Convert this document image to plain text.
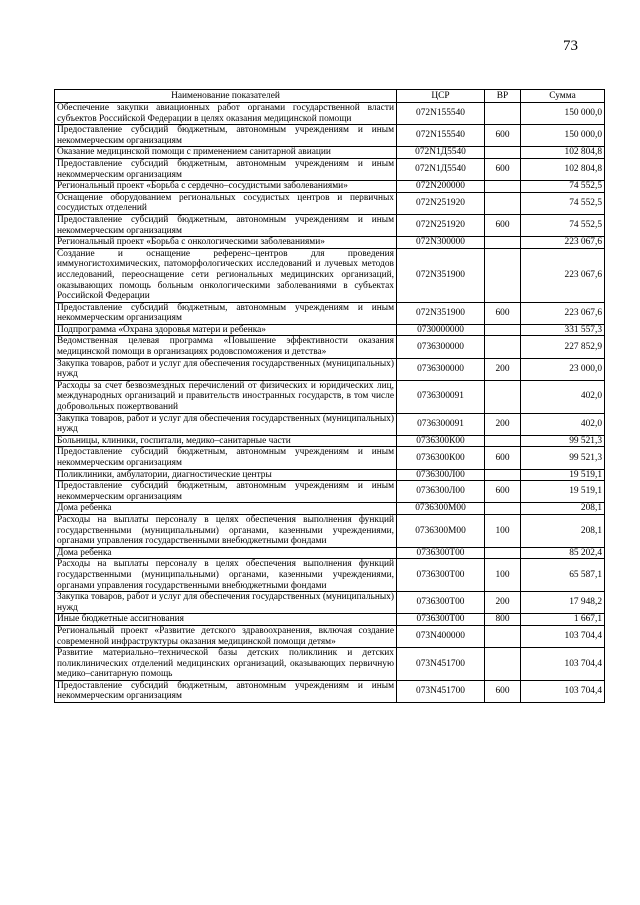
73
Наименование показателей	ЦСР	ВР	Сумма
Обеспечение закупки авиационных работ органами государственной власти субъектов Российской Федерации в целях оказания медицинской помощи	072N155540		150 000,0
Предоставление субсидий бюджетным, автономным учреждениям и иным некоммерческим организациям	072N155540	600	150 000,0
Оказание медицинской помощи с применением санитарной авиации	072N1Д5540		102 804,8
Предоставление субсидий бюджетным, автономным учреждениям и иным некоммерческим организациям	072N1Д5540	600	102 804,8
Региональный проект «Борьба с сердечно–сосудистыми заболеваниями»	072N200000		74 552,5
Оснащение оборудованием региональных сосудистых центров и первичных сосудистых отделений	072N251920		74 552,5
Предоставление субсидий бюджетным, автономным учреждениям и иным некоммерческим организациям	072N251920	600	74 552,5
Региональный проект «Борьба с онкологическими заболеваниями»	072N300000		223 067,6
Создание и оснащение референс–центров для проведения иммуногистохимических, патоморфологических исследований и лучевых методов исследований, переоснащение сети региональных медицинских организаций, оказывающих помощь больным онкологическими заболеваниями в субъектах Российской Федерации	072N351900		223 067,6
Предоставление субсидий бюджетным, автономным учреждениям и иным некоммерческим организациям	072N351900	600	223 067,6
Подпрограмма «Охрана здоровья матери и ребенка»	0730000000		331 557,3
Ведомственная целевая программа «Повышение эффективности оказания медицинской помощи в организациях родовспоможения и детства»	0736300000		227 852,9
Закупка товаров, работ и услуг для обеспечения государственных (муниципальных) нужд	0736300000	200	23 000,0
Расходы за счет безвозмездных перечислений от физических и юридических лиц, международных организаций и правительств иностранных государств, в том числе добровольных пожертвований	0736300091		402,0
Закупка товаров, работ и услуг для обеспечения государственных (муниципальных) нужд	0736300091	200	402,0
Больницы, клиники, госпитали, медико–санитарные части	0736300К00		99 521,3
Предоставление субсидий бюджетным, автономным учреждениям и иным некоммерческим организациям	0736300К00	600	99 521,3
Поликлиники, амбулатории, диагностические центры	0736300Л00		19 519,1
Предоставление субсидий бюджетным, автономным учреждениям и иным некоммерческим организациям	0736300Л00	600	19 519,1
Дома ребенка	0736300М00		208,1
Расходы на выплаты персоналу в целях обеспечения выполнения функций государственными (муниципальными) органами, казенными учреждениями, органами управления государственными внебюджетными фондами	0736300М00	100	208,1
Дома ребенка	0736300Т00		85 202,4
Расходы на выплаты персоналу в целях обеспечения выполнения функций государственными (муниципальными) органами, казенными учреждениями, органами управления государственными внебюджетными фондами	0736300Т00	100	65 587,1
Закупка товаров, работ и услуг для обеспечения государственных (муниципальных) нужд	0736300Т00	200	17 948,2
Иные бюджетные ассигнования	0736300Т00	800	1 667,1
Региональный проект «Развитие детского здравоохранения, включая создание современной инфраструктуры оказания медицинской помощи детям»	073N400000		103 704,4
Развитие материально–технической базы детских поликлиник и детских поликлинических отделений медицинских организаций, оказывающих первичную медико–санитарную помощь	073N451700		103 704,4
Предоставление субсидий бюджетным, автономным учреждениям и иным некоммерческим организациям	073N451700	600	103 704,4
